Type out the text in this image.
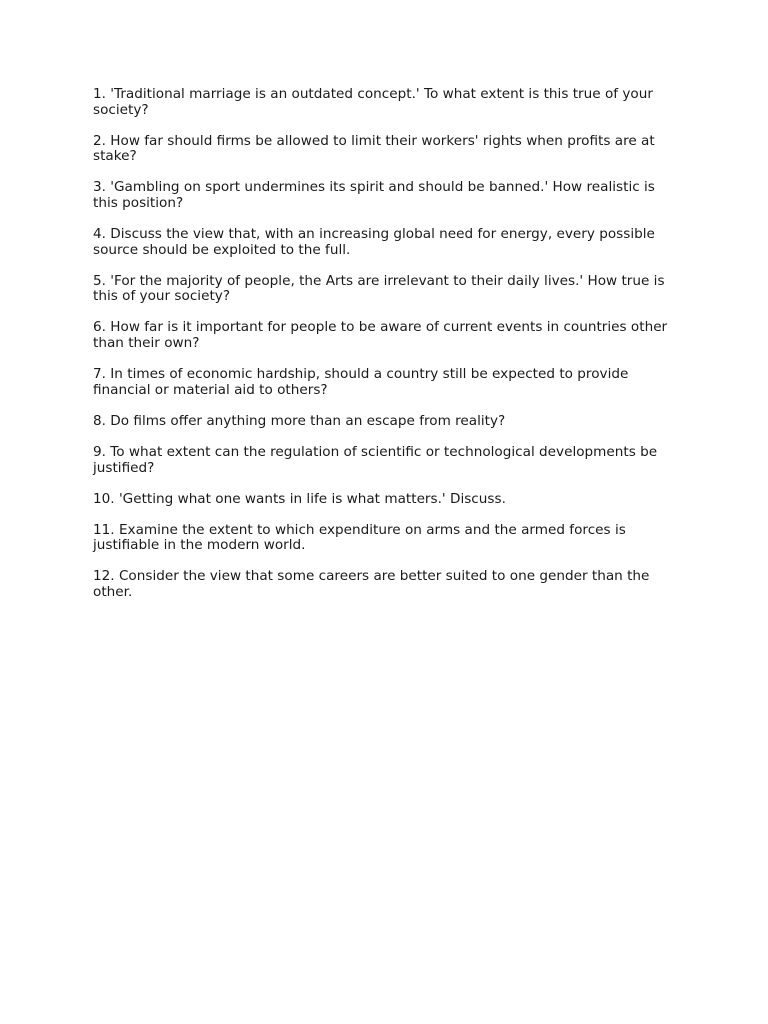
1. 'Traditional marriage is an outdated concept.' To what extent is this true of your society?

2. How far should firms be allowed to limit their workers' rights when profits are at stake?

3. 'Gambling on sport undermines its spirit and should be banned.' How realistic is this position?

4. Discuss the view that, with an increasing global need for energy, every possible source should be exploited to the full.

5. 'For the majority of people, the Arts are irrelevant to their daily lives.' How true is this of your society?

6. How far is it important for people to be aware of current events in countries other than their own?

7. In times of economic hardship, should a country still be expected to provide financial or material aid to others?

8. Do films offer anything more than an escape from reality?

9. To what extent can the regulation of scientific or technological developments be justified?

10. 'Getting what one wants in life is what matters.' Discuss.

11. Examine the extent to which expenditure on arms and the armed forces is justifiable in the modern world.

12. Consider the view that some careers are better suited to one gender than the other.
